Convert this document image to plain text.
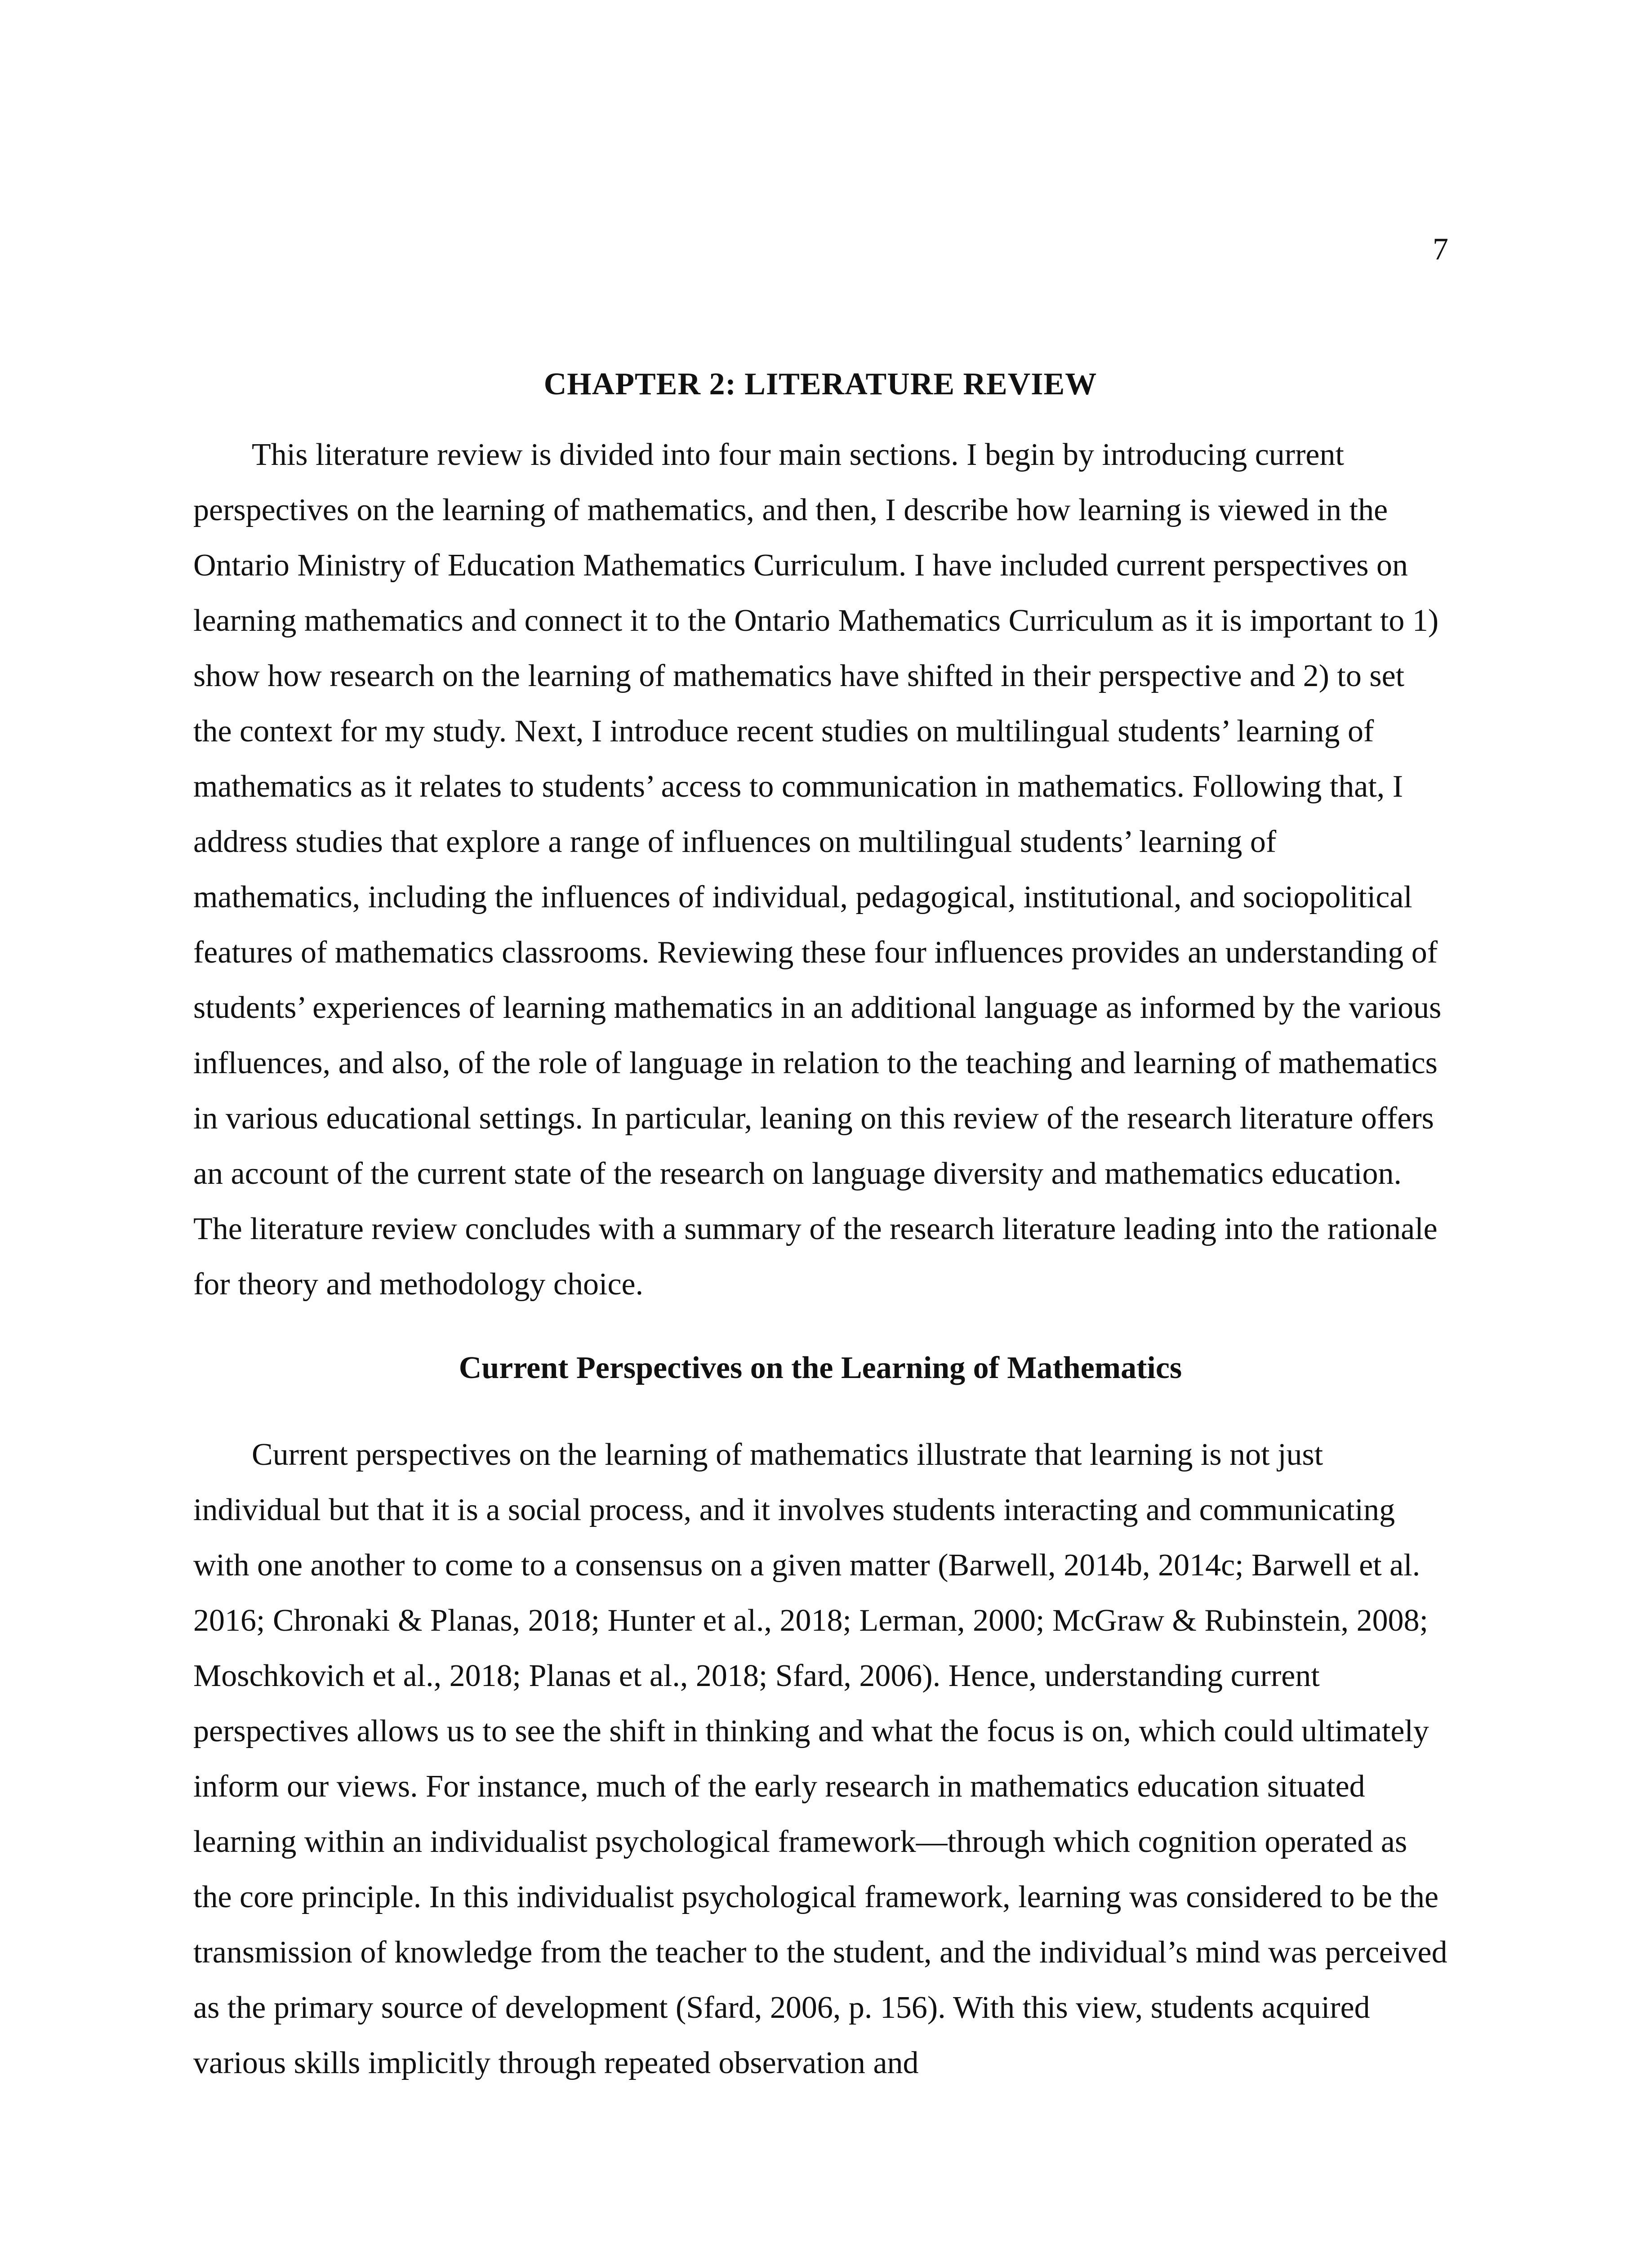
7
CHAPTER 2: LITERATURE REVIEW

This literature review is divided into four main sections. I begin by introducing current perspectives on the learning of mathematics, and then, I describe how learning is viewed in the Ontario Ministry of Education Mathematics Curriculum. I have included current perspectives on learning mathematics and connect it to the Ontario Mathematics Curriculum as it is important to 1) show how research on the learning of mathematics have shifted in their perspective and 2) to set the context for my study. Next, I introduce recent studies on multilingual students’ learning of mathematics as it relates to students’ access to communication in mathematics. Following that, I address studies that explore a range of influences on multilingual students’ learning of mathematics, including the influences of individual, pedagogical, institutional, and sociopolitical features of mathematics classrooms. Reviewing these four influences provides an understanding of students’ experiences of learning mathematics in an additional language as informed by the various influences, and also, of the role of language in relation to the teaching and learning of mathematics in various educational settings. In particular, leaning on this review of the research literature offers an account of the current state of the research on language diversity and mathematics education. The literature review concludes with a summary of the research literature leading into the rationale for theory and methodology choice.

Current Perspectives on the Learning of Mathematics

Current perspectives on the learning of mathematics illustrate that learning is not just individual but that it is a social process, and it involves students interacting and communicating with one another to come to a consensus on a given matter (Barwell, 2014b, 2014c; Barwell et al. 2016; Chronaki & Planas, 2018; Hunter et al., 2018; Lerman, 2000; McGraw & Rubinstein, 2008; Moschkovich et al., 2018; Planas et al., 2018; Sfard, 2006). Hence, understanding current perspectives allows us to see the shift in thinking and what the focus is on, which could ultimately inform our views. For instance, much of the early research in mathematics education situated learning within an individualist psychological framework—through which cognition operated as the core principle. In this individualist psychological framework, learning was considered to be the transmission of knowledge from the teacher to the student, and the individual’s mind was perceived as the primary source of development (Sfard, 2006, p. 156). With this view, students acquired various skills implicitly through repeated observation and
